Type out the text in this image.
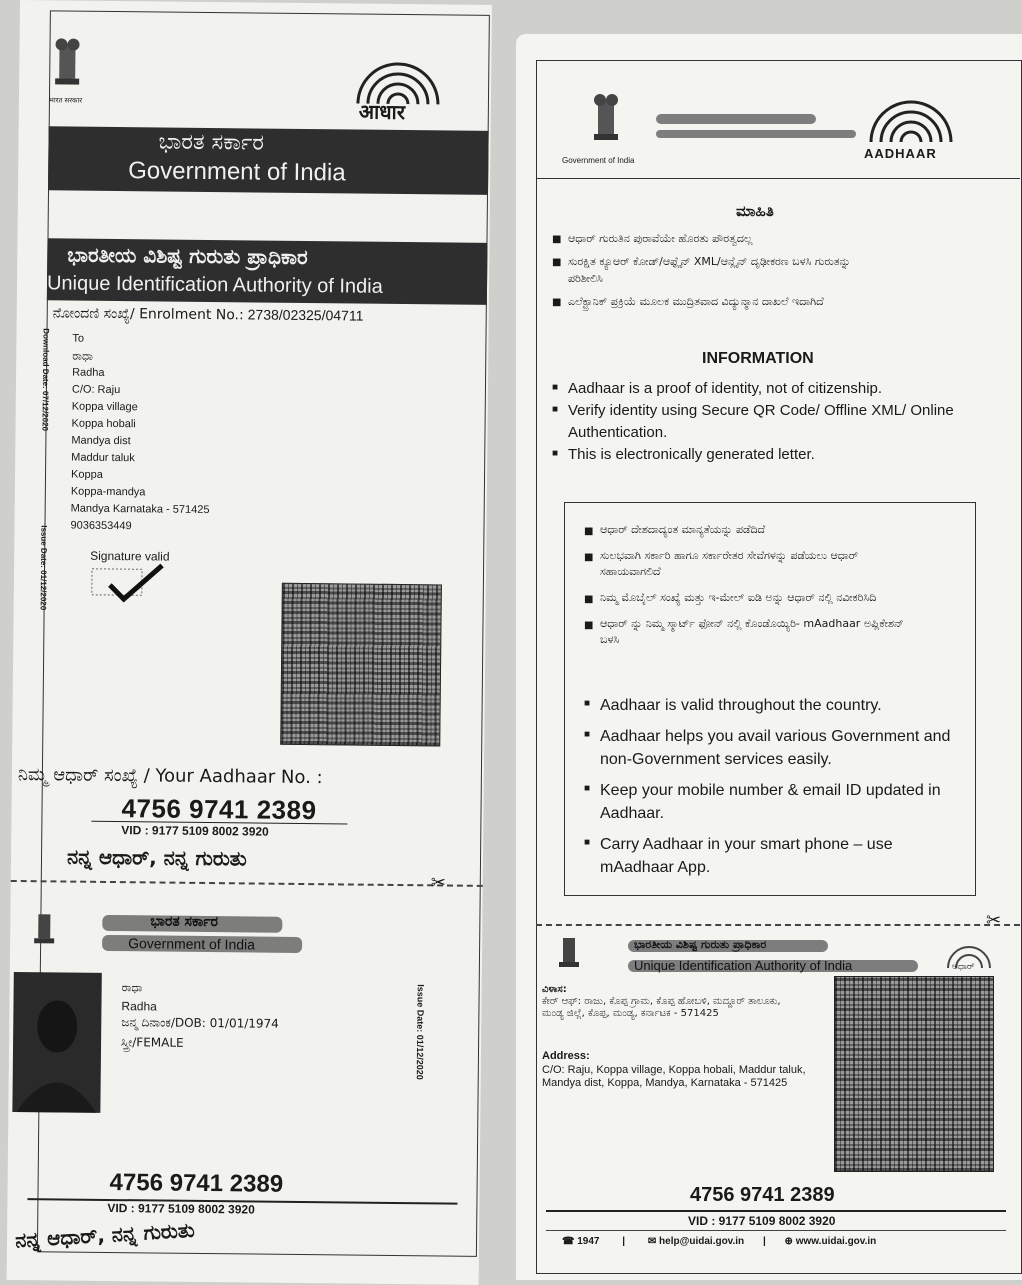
भारत सरकार
आधार
ಭಾರತ ಸರ್ಕಾರ
Government of India
ಭಾರತೀಯ ವಿಶಿಷ್ಟ ಗುರುತು ಪ್ರಾಧಿಕಾರ
Unique Identification Authority of India
ನೋಂದಣಿ ಸಂಖ್ಯೆ/ Enrolment No.: 2738/02325/04711
Download Date: 07/12/2020
Issue Date: 01/12/2020
To
ರಾಧಾ
Radha
C/O: Raju
Koppa village
Koppa hobali
Mandya dist
Maddur taluk
Koppa
Koppa-mandya
Mandya Karnataka - 571425
9036353449
Signature valid
ನಿಮ್ಮ ಆಧಾರ್ ಸಂಖ್ಯೆ / Your Aadhaar No. :
4756 9741 2389
VID : 9177 5109 8002 3920
ನನ್ನ ಆಧಾರ್, ನನ್ನ ಗುರುತು
✂
ಭಾರತ ಸರ್ಕಾರ
Government of India
ರಾಧಾ
Radha
ಜನ್ಮ ದಿನಾಂಕ/DOB: 01/01/1974
ಸ್ತ್ರೀ/FEMALE	Issue Date: 01/12/2020
4756 9741 2389
VID : 9177 5109 8002 3920
ನನ್ನ ಆಧಾರ್, ನನ್ನ ಗುರುತು
Government of India	AADHAAR
ಮಾಹಿತಿ
■ ಆಧಾರ್ ಗುರುತಿನ ಪುರಾವೆಯೇ ಹೊರತು ಪೌರತ್ವದಲ್ಲ
■ ಸುರಕ್ಷಿತ ಕ್ಯೂಆರ್ ಕೋಡ್/ಆಫ್ಲೈನ್ XML/ಆನ್ಲೈನ್ ದೃಢೀಕರಣ ಬಳಸಿ ಗುರುತನ್ನು ಪರಿಶೀಲಿಸಿ
■ ಎಲೆಕ್ಟ್ರಾನಿಕ್ ಪ್ರಕ್ರಿಯೆ ಮೂಲಕ ಮುದ್ರಿತವಾದ ವಿದ್ಯುನ್ಮಾನ ದಾಖಲೆ ಇದಾಗಿದೆ
INFORMATION
■ Aadhaar is a proof of identity, not of citizenship.
■ Verify identity using Secure QR Code/ Offline XML/ Online Authentication.
■ This is electronically generated letter.
■ ಆಧಾರ್ ದೇಶದಾದ್ಯಂತ ಮಾನ್ಯತೆಯನ್ನು ಪಡೆದಿದೆ
■ ಸುಲಭವಾಗಿ ಸರ್ಕಾರಿ ಹಾಗೂ ಸರ್ಕಾರೇತರ ಸೇವೆಗಳನ್ನು ಪಡೆಯಲು ಆಧಾರ್ ಸಹಾಯವಾಗಲಿದೆ
■ ನಿಮ್ಮ ಮೊಬೈಲ್ ಸಂಖ್ಯೆ ಮತ್ತು ಇ-ಮೇಲ್ ಐಡಿ ಅನ್ನು ಆಧಾರ್ ನಲ್ಲಿ ನವೀಕರಿಸಿದಿ
■ ಆಧಾರ್ ನ್ನು ನಿಮ್ಮ ಸ್ಮಾರ್ಟ್ ಫೋನ್ ನಲ್ಲಿ ಕೊಂಡೊಯ್ಯಿರಿ- mAadhaar ಅಪ್ಲಿಕೇಶನ್ ಬಳಸಿ
■ Aadhaar is valid throughout the country.
■ Aadhaar helps you avail various Government and non-Government services easily.
■ Keep your mobile number & email ID updated in Aadhaar.
■ Carry Aadhaar in your smart phone – use mAadhaar App.
✂
ಭಾರತೀಯ ವಿಶಿಷ್ಟ ಗುರುತು ಪ್ರಾಧಿಕಾರ
Unique Identification Authority of India	ಆಧಾರ್
ವಿಳಾಸ:
ಕೇರ್ ಆಫ್: ರಾಜು, ಕೊಪ್ಪ ಗ್ರಾಮ, ಕೊಪ್ಪ ಹೋಬಳಿ, ಮದ್ದೂರ್ ತಾಲೂಕು, ಮಂಡ್ಯ ಜಿಲ್ಲೆ, ಕೊಪ್ಪ, ಮಂಡ್ಯ, ಕರ್ನಾಟಕ - 571425
Address:
C/O: Raju, Koppa village, Koppa hobali, Maddur taluk, Mandya dist, Koppa, Mandya, Karnataka - 571425
4756 9741 2389
VID : 9177 5109 8002 3920
☎ 1947 | ✉ help@uidai.gov.in | ⊕ www.uidai.gov.in
